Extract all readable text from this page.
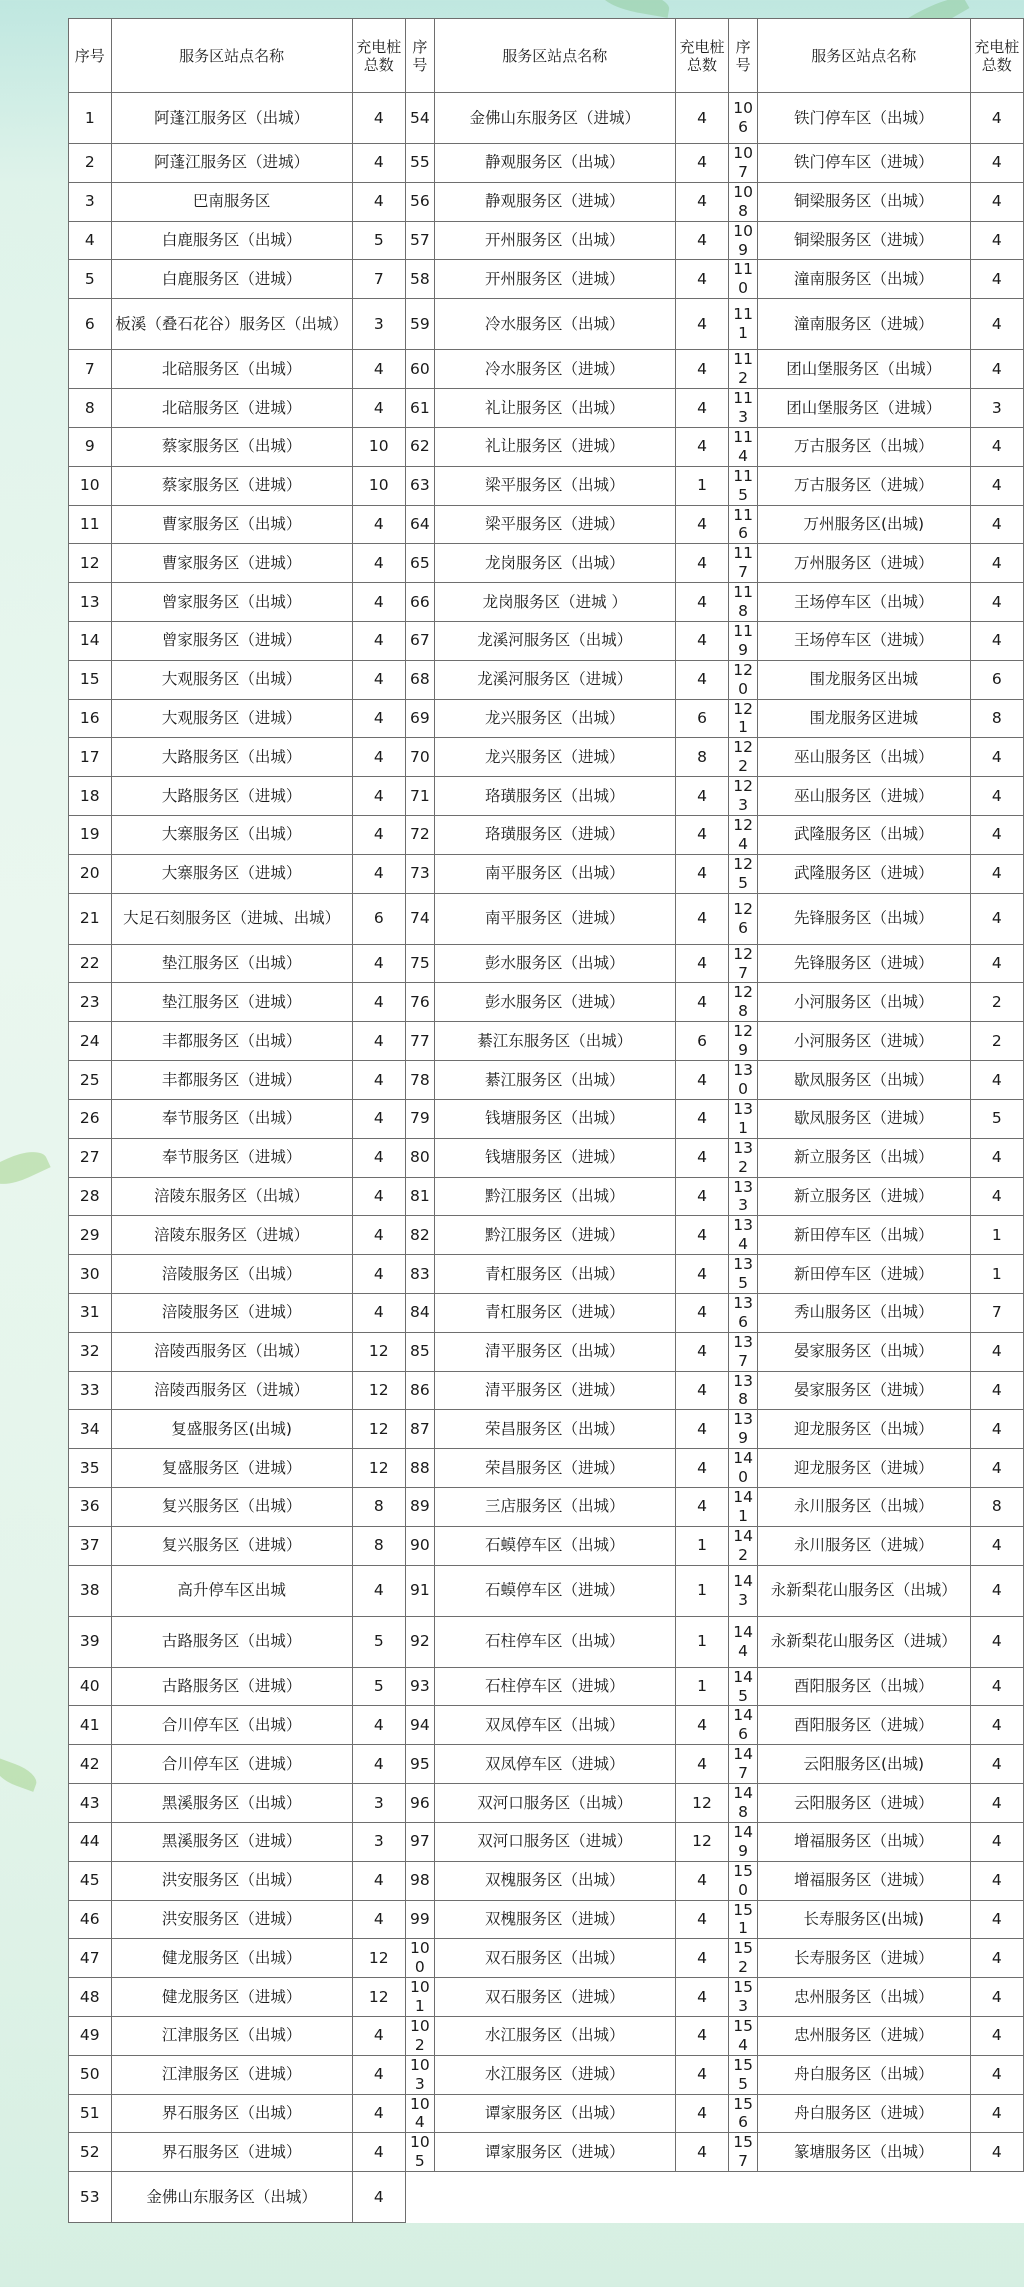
序号	服务区站点名称	充电桩总数	序号	服务区站点名称	充电桩总数	序号	服务区站点名称	充电桩总数
1	阿蓬江服务区（出城）	4	54	金佛山东服务区（进城）	4	106	铁门停车区（出城）	4
2	阿蓬江服务区（进城）	4	55	静观服务区（出城）	4	107	铁门停车区（进城）	4
3	巴南服务区	4	56	静观服务区（进城）	4	108	铜梁服务区（出城）	4
4	白鹿服务区（出城）	5	57	开州服务区（出城）	4	109	铜梁服务区（进城）	4
5	白鹿服务区（进城）	7	58	开州服务区（进城）	4	110	潼南服务区（出城）	4
6	板溪（叠石花谷）服务区（出城）	3	59	冷水服务区（出城）	4	111	潼南服务区（进城）	4
7	北碚服务区（出城）	4	60	冷水服务区（进城）	4	112	团山堡服务区（出城）	4
8	北碚服务区（进城）	4	61	礼让服务区（出城）	4	113	团山堡服务区（进城）	3
9	蔡家服务区（出城）	10	62	礼让服务区（进城）	4	114	万古服务区（出城）	4
10	蔡家服务区（进城）	10	63	梁平服务区（出城）	1	115	万古服务区（进城）	4
11	曹家服务区（出城）	4	64	梁平服务区（进城）	4	116	万州服务区(出城)	4
12	曹家服务区（进城）	4	65	龙岗服务区（出城）	4	117	万州服务区（进城）	4
13	曾家服务区（出城）	4	66	龙岗服务区（进城 ）	4	118	王场停车区（出城）	4
14	曾家服务区（进城）	4	67	龙溪河服务区（出城）	4	119	王场停车区（进城）	4
15	大观服务区（出城）	4	68	龙溪河服务区（进城）	4	120	围龙服务区出城	6
16	大观服务区（进城）	4	69	龙兴服务区（出城）	6	121	围龙服务区进城	8
17	大路服务区（出城）	4	70	龙兴服务区（进城）	8	122	巫山服务区（出城）	4
18	大路服务区（进城）	4	71	珞璜服务区（出城）	4	123	巫山服务区（进城）	4
19	大寨服务区（出城）	4	72	珞璜服务区（进城）	4	124	武隆服务区（出城）	4
20	大寨服务区（进城）	4	73	南平服务区（出城）	4	125	武隆服务区（进城）	4
21	大足石刻服务区（进城、出城）	6	74	南平服务区（进城）	4	126	先锋服务区（出城）	4
22	垫江服务区（出城）	4	75	彭水服务区（出城）	4	127	先锋服务区（进城）	4
23	垫江服务区（进城）	4	76	彭水服务区（进城）	4	128	小河服务区（出城）	2
24	丰都服务区（出城）	4	77	綦江东服务区（出城）	6	129	小河服务区（进城）	2
25	丰都服务区（进城）	4	78	綦江服务区（出城）	4	130	歇凤服务区（出城）	4
26	奉节服务区（出城）	4	79	钱塘服务区（出城）	4	131	歇凤服务区（进城）	5
27	奉节服务区（进城）	4	80	钱塘服务区（进城）	4	132	新立服务区（出城）	4
28	涪陵东服务区（出城）	4	81	黔江服务区（出城）	4	133	新立服务区（进城）	4
29	涪陵东服务区（进城）	4	82	黔江服务区（进城）	4	134	新田停车区（出城）	1
30	涪陵服务区（出城）	4	83	青杠服务区（出城）	4	135	新田停车区（进城）	1
31	涪陵服务区（进城）	4	84	青杠服务区（进城）	4	136	秀山服务区（出城）	7
32	涪陵西服务区（出城）	12	85	清平服务区（出城）	4	137	晏家服务区（出城）	4
33	涪陵西服务区（进城）	12	86	清平服务区（进城）	4	138	晏家服务区（进城）	4
34	复盛服务区(出城)	12	87	荣昌服务区（出城）	4	139	迎龙服务区（出城）	4
35	复盛服务区（进城）	12	88	荣昌服务区（进城）	4	140	迎龙服务区（进城）	4
36	复兴服务区（出城）	8	89	三店服务区（出城）	4	141	永川服务区（出城）	8
37	复兴服务区（进城）	8	90	石蟆停车区（出城）	1	142	永川服务区（进城）	4
38	高升停车区出城	4	91	石蟆停车区（进城）	1	143	永新梨花山服务区（出城）	4
39	古路服务区（出城）	5	92	石柱停车区（出城）	1	144	永新梨花山服务区（进城）	4
40	古路服务区（进城）	5	93	石柱停车区（进城）	1	145	酉阳服务区（出城）	4
41	合川停车区（出城）	4	94	双凤停车区（出城）	4	146	酉阳服务区（进城）	4
42	合川停车区（进城）	4	95	双凤停车区（进城）	4	147	云阳服务区(出城)	4
43	黑溪服务区（出城）	3	96	双河口服务区（出城）	12	148	云阳服务区（进城）	4
44	黑溪服务区（进城）	3	97	双河口服务区（进城）	12	149	增福服务区（出城）	4
45	洪安服务区（出城）	4	98	双槐服务区（出城）	4	150	增福服务区（进城）	4
46	洪安服务区（进城）	4	99	双槐服务区（进城）	4	151	长寿服务区(出城)	4
47	健龙服务区（出城）	12	100	双石服务区（出城）	4	152	长寿服务区（进城）	4
48	健龙服务区（进城）	12	101	双石服务区（进城）	4	153	忠州服务区（出城）	4
49	江津服务区（出城）	4	102	水江服务区（出城）	4	154	忠州服务区（进城）	4
50	江津服务区（进城）	4	103	水江服务区（进城）	4	155	舟白服务区（出城）	4
51	界石服务区（出城）	4	104	谭家服务区（出城）	4	156	舟白服务区（进城）	4
52	界石服务区（进城）	4	105	谭家服务区（进城）	4	157	篆塘服务区（出城）	4
53	金佛山东服务区（出城）	4						
